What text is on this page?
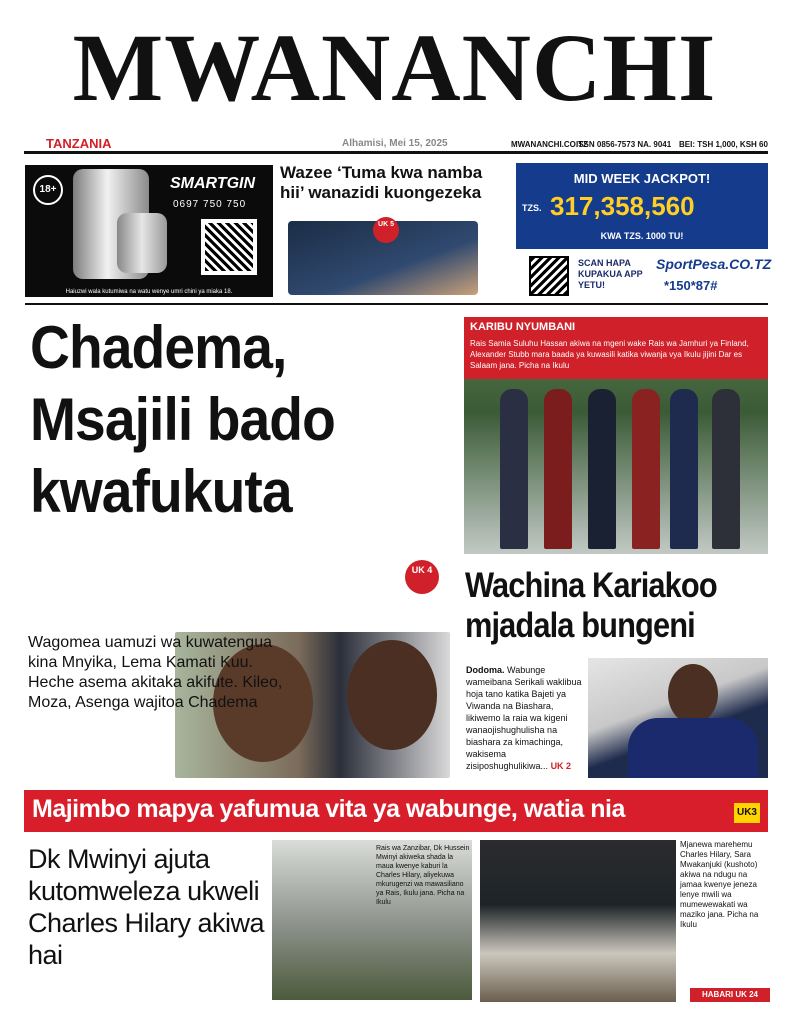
MWANANCHI
TANZANIA	Alhamisi, Mei 15, 2025	MWANANCHI.CO.TZ
ISSN 0856-7573 NA. 9041 BEI: TSH 1,000, KSH 60
18+	SMARTGIN
0697 750 750
Haiuzwi wala kutumiwa na watu wenye umri chini ya miaka 18.
Wazee ‘Tuma kwa namba hii’ wanazidi kuongezeka
UK 5
MID WEEK JACKPOT!
TZS. 317,358,560
KWA TZS. 1000 TU!
SCAN HAPA KUPAKUA APP YETU!
SportPesa.CO.TZ
*150*87#
Chadema, Msajili bado kwafukuta
UK 4
Wagomea uamuzi wa kuwatengua kina Mnyika, Lema Kamati Kuu. Heche asema akitaka akifute. Kileo, Moza, Asenga wajitoa Chadema
KARIBU NYUMBANI
Rais Samia Suluhu Hassan akiwa na mgeni wake Rais wa Jamhuri ya Finland, Alexander Stubb mara baada ya kuwasili katika viwanja vya Ikulu jijini Dar es Salaam jana. Picha na Ikulu
Wachina Kariakoo mjadala bungeni
Dodoma. Wabunge wameibana Serikali waklibua hoja tano katika Bajeti ya Viwanda na Biashara, likiwemo la raia wa kigeni wanaojishughulisha na biashara za kimachinga, wakisema zisiposhughulikiwa... UK 2
Majimbo mapya yafumua vita ya wabunge, watia nia	UK3
Dk Mwinyi ajuta kutomweleza ukweli Charles Hilary akiwa hai
Rais wa Zanzibar, Dk Hussein Mwinyi akiweka shada la maua kwenye kaburi la Charles Hilary, aliyekuwa mkurugenzi wa mawasiliano ya Rais, Ikulu jana. Picha na Ikulu
Mjanewa marehemu Charles Hilary, Sara Mwakanjuki (kushoto) akiwa na ndugu na jamaa kwenye jeneza lenye mwili wa mumewewakati wa maziko jana. Picha na Ikulu
HABARI UK 24
